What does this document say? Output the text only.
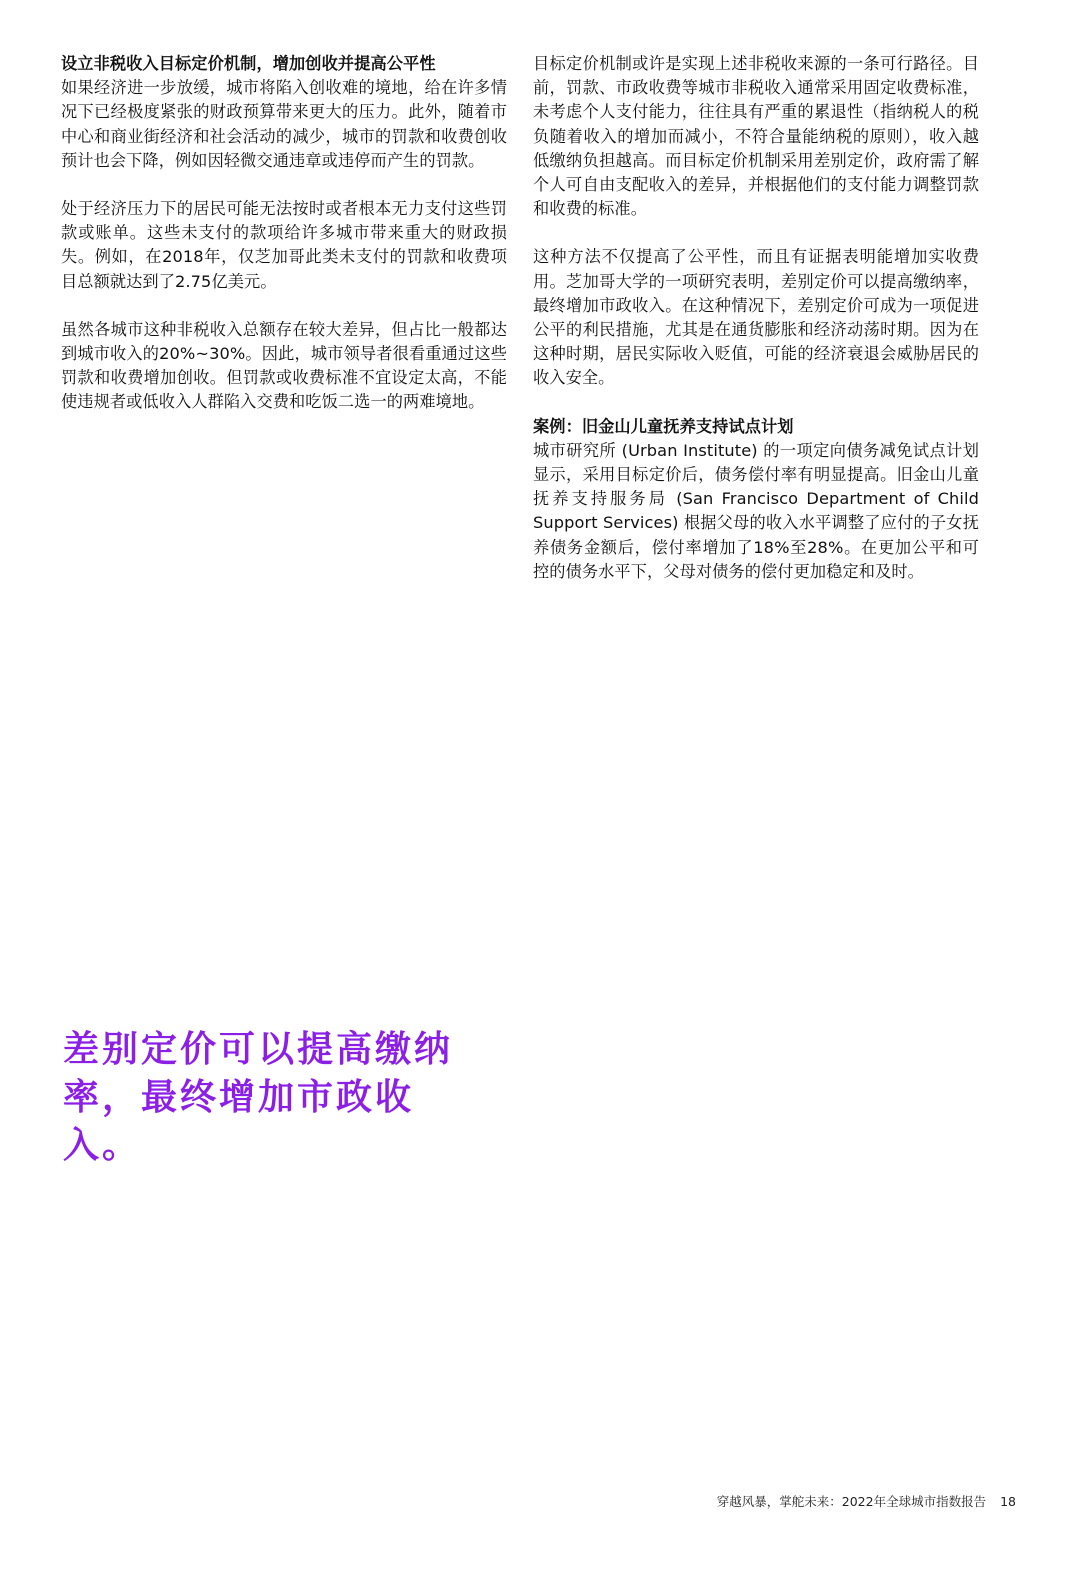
设立非税收入目标定价机制，增加创收并提高公平性

如果经济进一步放缓，城市将陷入创收难的境地，给在许多情况下已经极度紧张的财政预算带来更大的压力。此外，随着市中心和商业街经济和社会活动的减少，城市的罚款和收费创收预计也会下降，例如因轻微交通违章或违停而产生的罚款。

处于经济压力下的居民可能无法按时或者根本无力支付这些罚款或账单。这些未支付的款项给许多城市带来重大的财政损失。例如，在2018年，仅芝加哥此类未支付的罚款和收费项目总额就达到了2.75亿美元。

虽然各城市这种非税收入总额存在较大差异，但占比一般都达到城市收入的20%~30%。因此，城市领导者很看重通过这些罚款和收费增加创收。但罚款或收费标准不宜设定太高，不能使违规者或低收入人群陷入交费和吃饭二选一的两难境地。

目标定价机制或许是实现上述非税收来源的一条可行路径。目前，罚款、市政收费等城市非税收入通常采用固定收费标准，未考虑个人支付能力，往往具有严重的累退性（指纳税人的税负随着收入的增加而减小，不符合量能纳税的原则），收入越低缴纳负担越高。而目标定价机制采用差别定价，政府需了解个人可自由支配收入的差异，并根据他们的支付能力调整罚款和收费的标准。

这种方法不仅提高了公平性，而且有证据表明能增加实收费用。芝加哥大学的一项研究表明，差别定价可以提高缴纳率，最终增加市政收入。在这种情况下，差别定价可成为一项促进公平的利民措施，尤其是在通货膨胀和经济动荡时期。因为在这种时期，居民实际收入贬值，可能的经济衰退会威胁居民的收入安全。

案例：旧金山儿童抚养支持试点计划

城市研究所 (Urban Institute) 的一项定向债务减免试点计划显示，采用目标定价后，债务偿付率有明显提高。旧金山儿童抚养支持服务局 (San Francisco Department of Child Support Services) 根据父母的收入水平调整了应付的子女抚养债务金额后，偿付率增加了18%至28%。在更加公平和可控的债务水平下，父母对债务的偿付更加稳定和及时。

差别定价可以提高缴纳率，最终增加市政收入。

穿越风暴，掌舵未来：2022年全球城市指数报告 18
